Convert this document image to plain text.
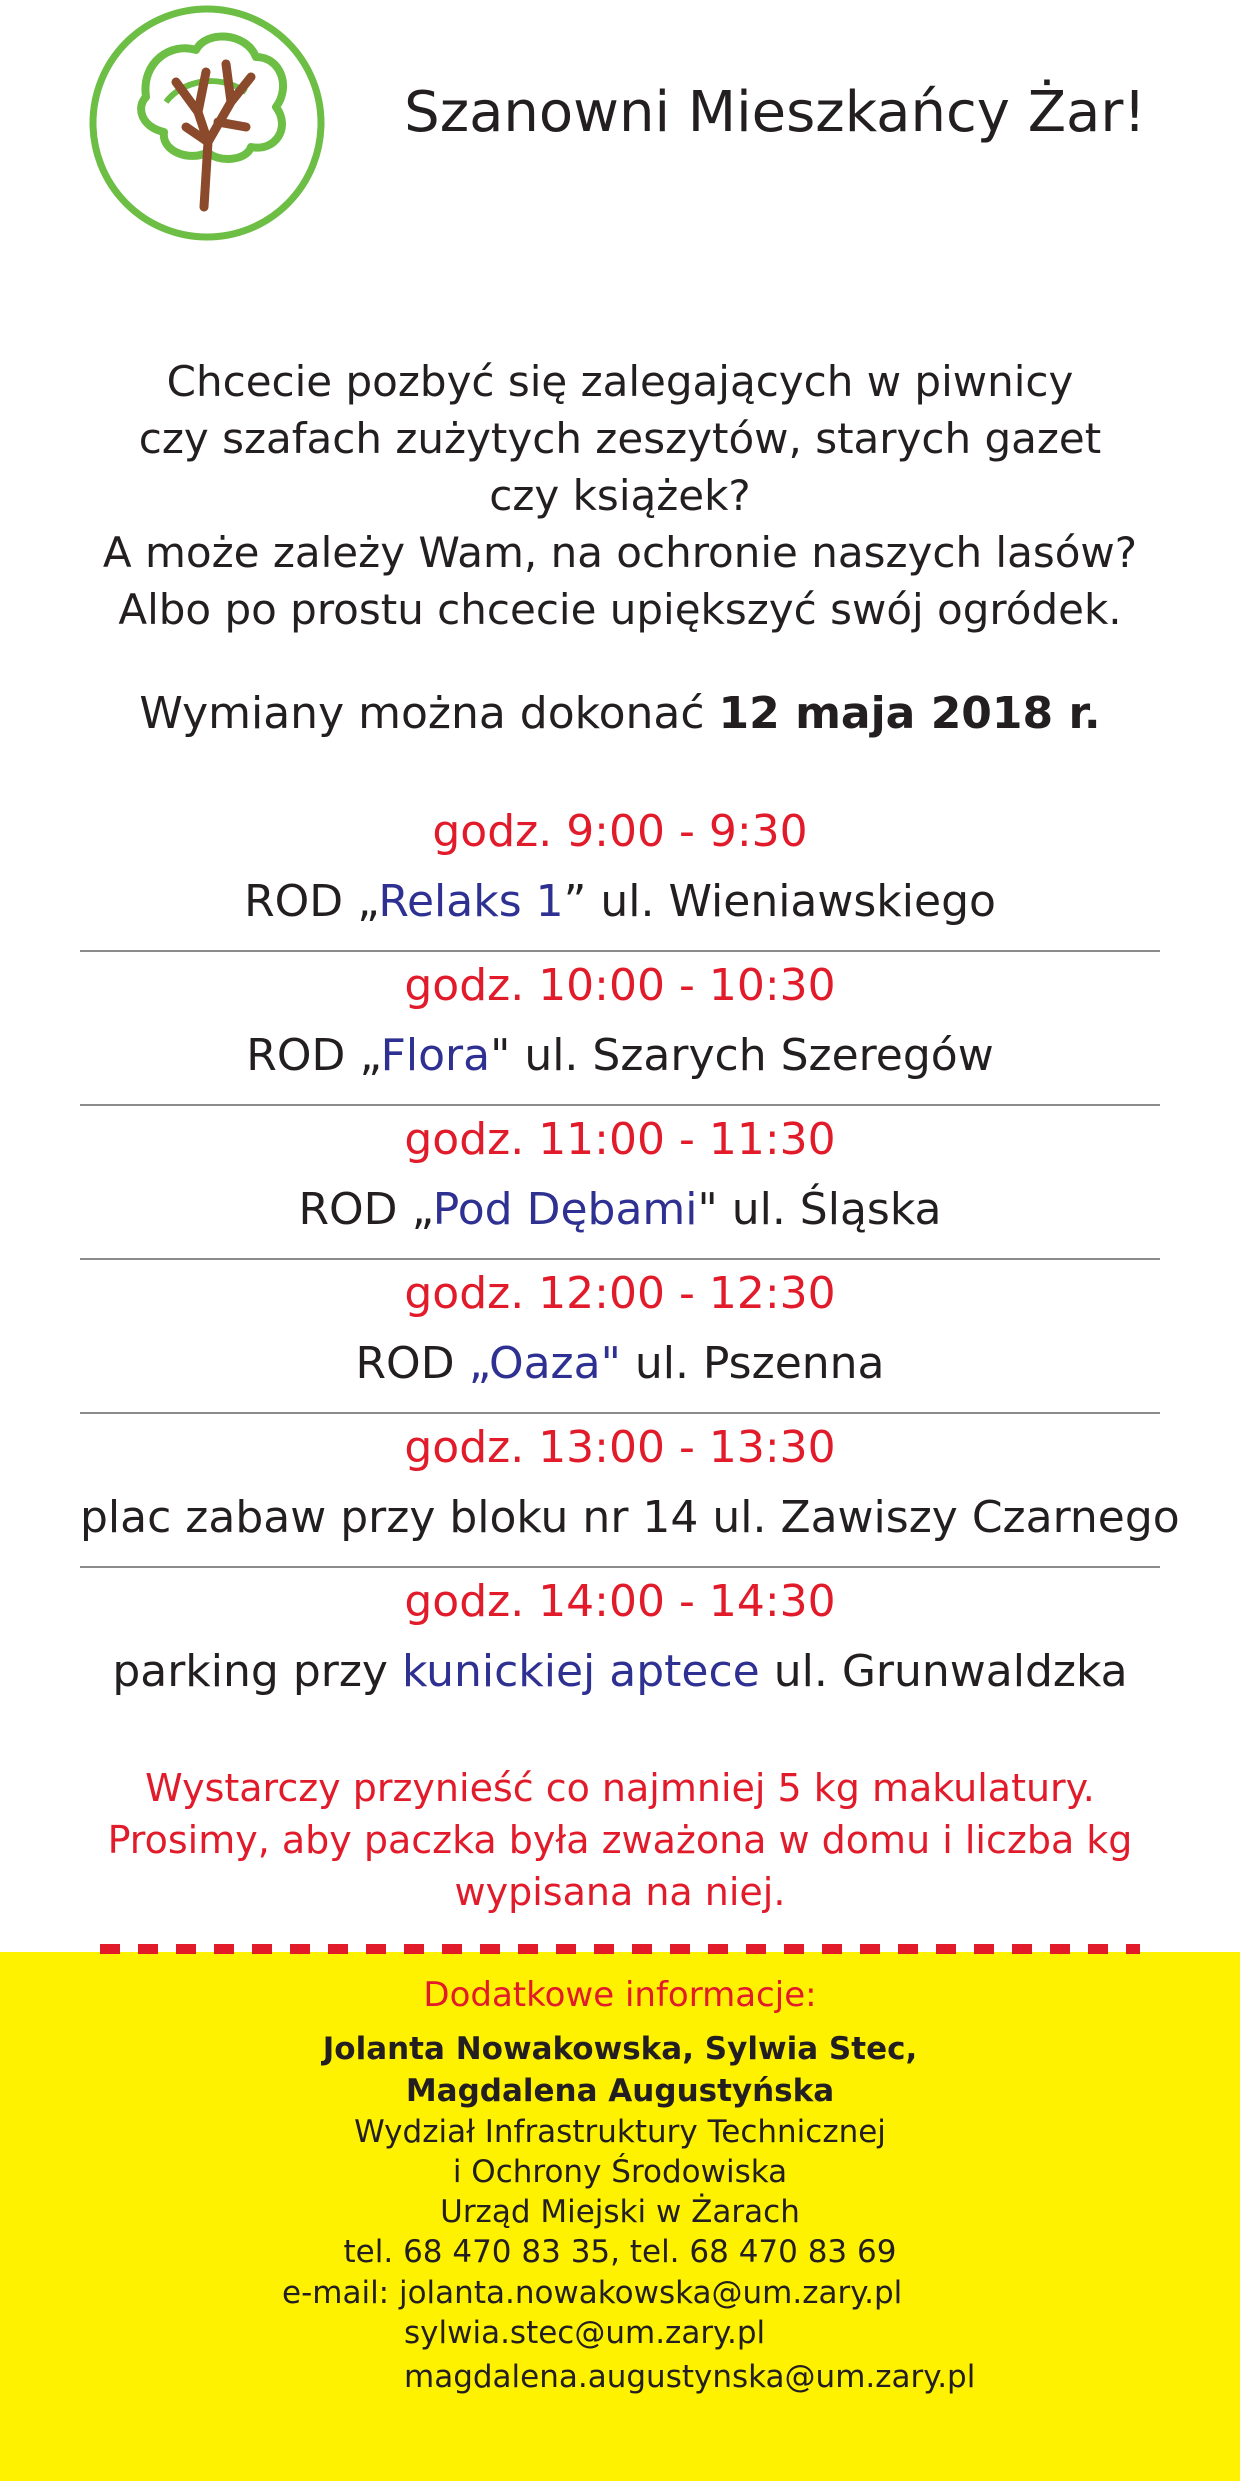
Szanowni Mieszkańcy Żar!
Chcecie pozbyć się zalegających w piwnicy
czy szafach zużytych zeszytów, starych gazet
czy książek?
A może zależy Wam, na ochronie naszych lasów?
Albo po prostu chcecie upiększyć swój ogródek.
Wymiany można dokonać 12 maja 2018 r.
godz. 9:00 - 9:30
ROD „Relaks 1” ul. Wieniawskiego
godz. 10:00 - 10:30
ROD „Flora" ul. Szarych Szeregów
godz. 11:00 - 11:30
ROD „Pod Dębami" ul. Śląska
godz. 12:00 - 12:30
ROD „Oaza" ul. Pszenna
godz. 13:00 - 13:30
plac zabaw przy bloku nr 14 ul. Zawiszy Czarnego
godz. 14:00 - 14:30
parking przy kunickiej aptece ul. Grunwaldzka
Wystarczy przynieść co najmniej 5 kg makulatury.
Prosimy, aby paczka była zważona w domu i liczba kg
wypisana na niej.
Dodatkowe informacje:
Jolanta Nowakowska, Sylwia Stec,
Magdalena Augustyńska
Wydział Infrastruktury Technicznej
i Ochrony Środowiska
Urząd Miejski w Żarach
tel. 68 470 83 35, tel. 68 470 83 69
e-mail: jolanta.nowakowska@um.zary.pl
sylwia.stec@um.zary.pl
magdalena.augustynska@um.zary.pl
